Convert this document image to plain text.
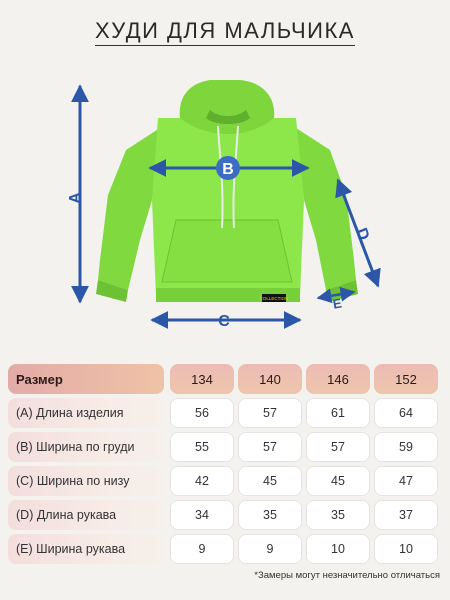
ХУДИ ДЛЯ МАЛЬЧИКА
COLLECTION
A
B
C
D
E
Размер	134	140	146	152
(A) Длина изделия	56	57	61	64
(B) Ширина по груди	55	57	57	59
(C) Ширина по низу	42	45	45	47
(D) Длина рукава	34	35	35	37
(E) Ширина рукава	9	9	10	10
*Замеры могут незначительно отличаться
